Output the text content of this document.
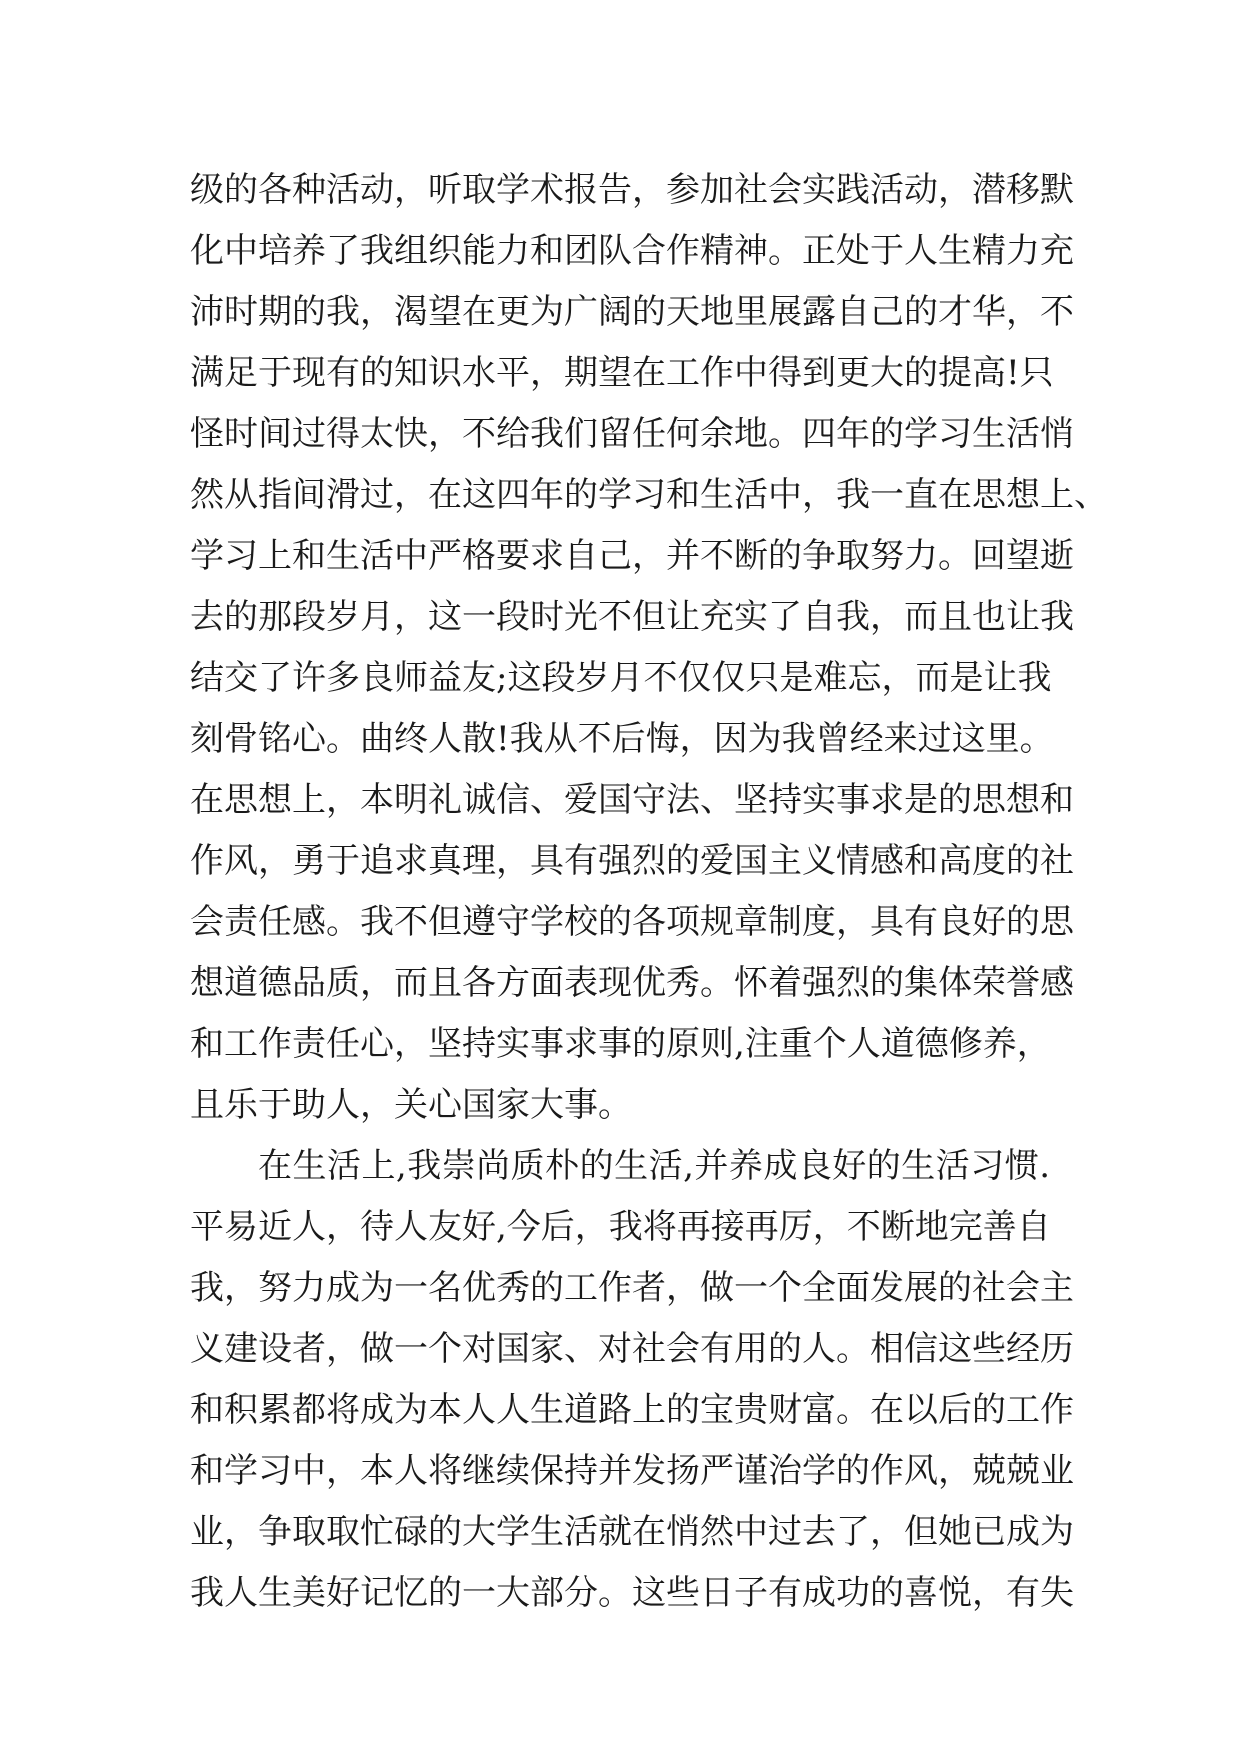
级的各种活动，听取学术报告，参加社会实践活动，潜移默
化中培养了我组织能力和团队合作精神。正处于人生精力充
沛时期的我，渴望在更为广阔的天地里展露自己的才华，不
满足于现有的知识水平，期望在工作中得到更大的提高!只
怪时间过得太快，不给我们留任何余地。四年的学习生活悄
然从指间滑过，在这四年的学习和生活中，我一直在思想上、
学习上和生活中严格要求自己，并不断的争取努力。回望逝
去的那段岁月，这一段时光不但让充实了自我，而且也让我
结交了许多良师益友;这段岁月不仅仅只是难忘，而是让我
刻骨铭心。曲终人散!我从不后悔，因为我曾经来过这里。
在思想上，本明礼诚信、爱国守法、坚持实事求是的思想和
作风，勇于追求真理，具有强烈的爱国主义情感和高度的社
会责任感。我不但遵守学校的各项规章制度，具有良好的思
想道德品质，而且各方面表现优秀。怀着强烈的集体荣誉感
和工作责任心，坚持实事求事的原则,注重个人道德修养，
且乐于助人，关心国家大事。
在生活上,我崇尚质朴的生活,并养成良好的生活习惯.
平易近人，待人友好,今后，我将再接再厉，不断地完善自
我，努力成为一名优秀的工作者，做一个全面发展的社会主
义建设者，做一个对国家、对社会有用的人。相信这些经历
和积累都将成为本人人生道路上的宝贵财富。在以后的工作
和学习中，本人将继续保持并发扬严谨治学的作风，兢兢业
业，争取取忙碌的大学生活就在悄然中过去了，但她已成为
我人生美好记忆的一大部分。这些日子有成功的喜悦，有失
